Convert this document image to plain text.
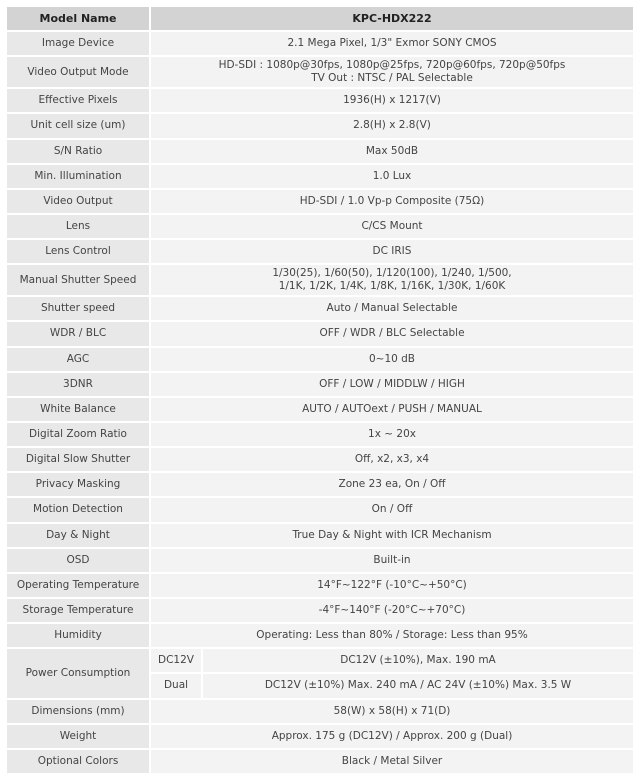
Model Name	KPC-HDX222	
Image Device	2.1 Mega Pixel, 1/3" Exmor SONY CMOS	

Video Output Mode	HD-SDI : 1080p@30fps, 1080p@25fps, 720p@60fps, 720p@50fps
TV Out : NTSC / PAL Selectable	

Effective Pixels	1936(H) x 1217(V)	

Unit cell size (um)	2.8(H) x 2.8(V)	

S/N Ratio	Max 50dB	

Min. Illumination	1.0 Lux	

Video Output	HD-SDI / 1.0 Vp-p Composite (75Ω)	

Lens	C/CS Mount	

Lens Control	DC IRIS	

Manual Shutter Speed	1/30(25), 1/60(50), 1/120(100), 1/240, 1/500,
1/1K, 1/2K, 1/4K, 1/8K, 1/16K, 1/30K, 1/60K	

Shutter speed	Auto / Manual Selectable	

WDR / BLC	OFF / WDR / BLC Selectable	

AGC	0~10 dB	

3DNR	OFF / LOW / MIDDLW / HIGH	

White Balance	AUTO / AUTOext / PUSH / MANUAL	

Digital Zoom Ratio	1x ~ 20x	

Digital Slow Shutter	Off, x2, x3, x4	

Privacy Masking	Zone 23 ea, On / Off	

Motion Detection	On / Off	

Day & Night	True Day & Night with ICR Mechanism	

OSD	Built-in	

Operating Temperature	14°F~122°F (-10°C~+50°C)	

Storage Temperature	-4°F~140°F (-20°C~+70°C)	

Humidity	Operating: Less than 80% / Storage: Less than 95%	

Power Consumption	DC12V	DC12V (±10%), Max. 190 mA
	Dual	DC12V (±10%) Max. 240 mA / AC 24V (±10%) Max. 3.5 W
Dimensions (mm)	58(W) x 58(H) x 71(D)	

Weight	Approx. 175 g (DC12V) / Approx. 200 g (Dual)	

Optional Colors	Black / Metal Silver	
